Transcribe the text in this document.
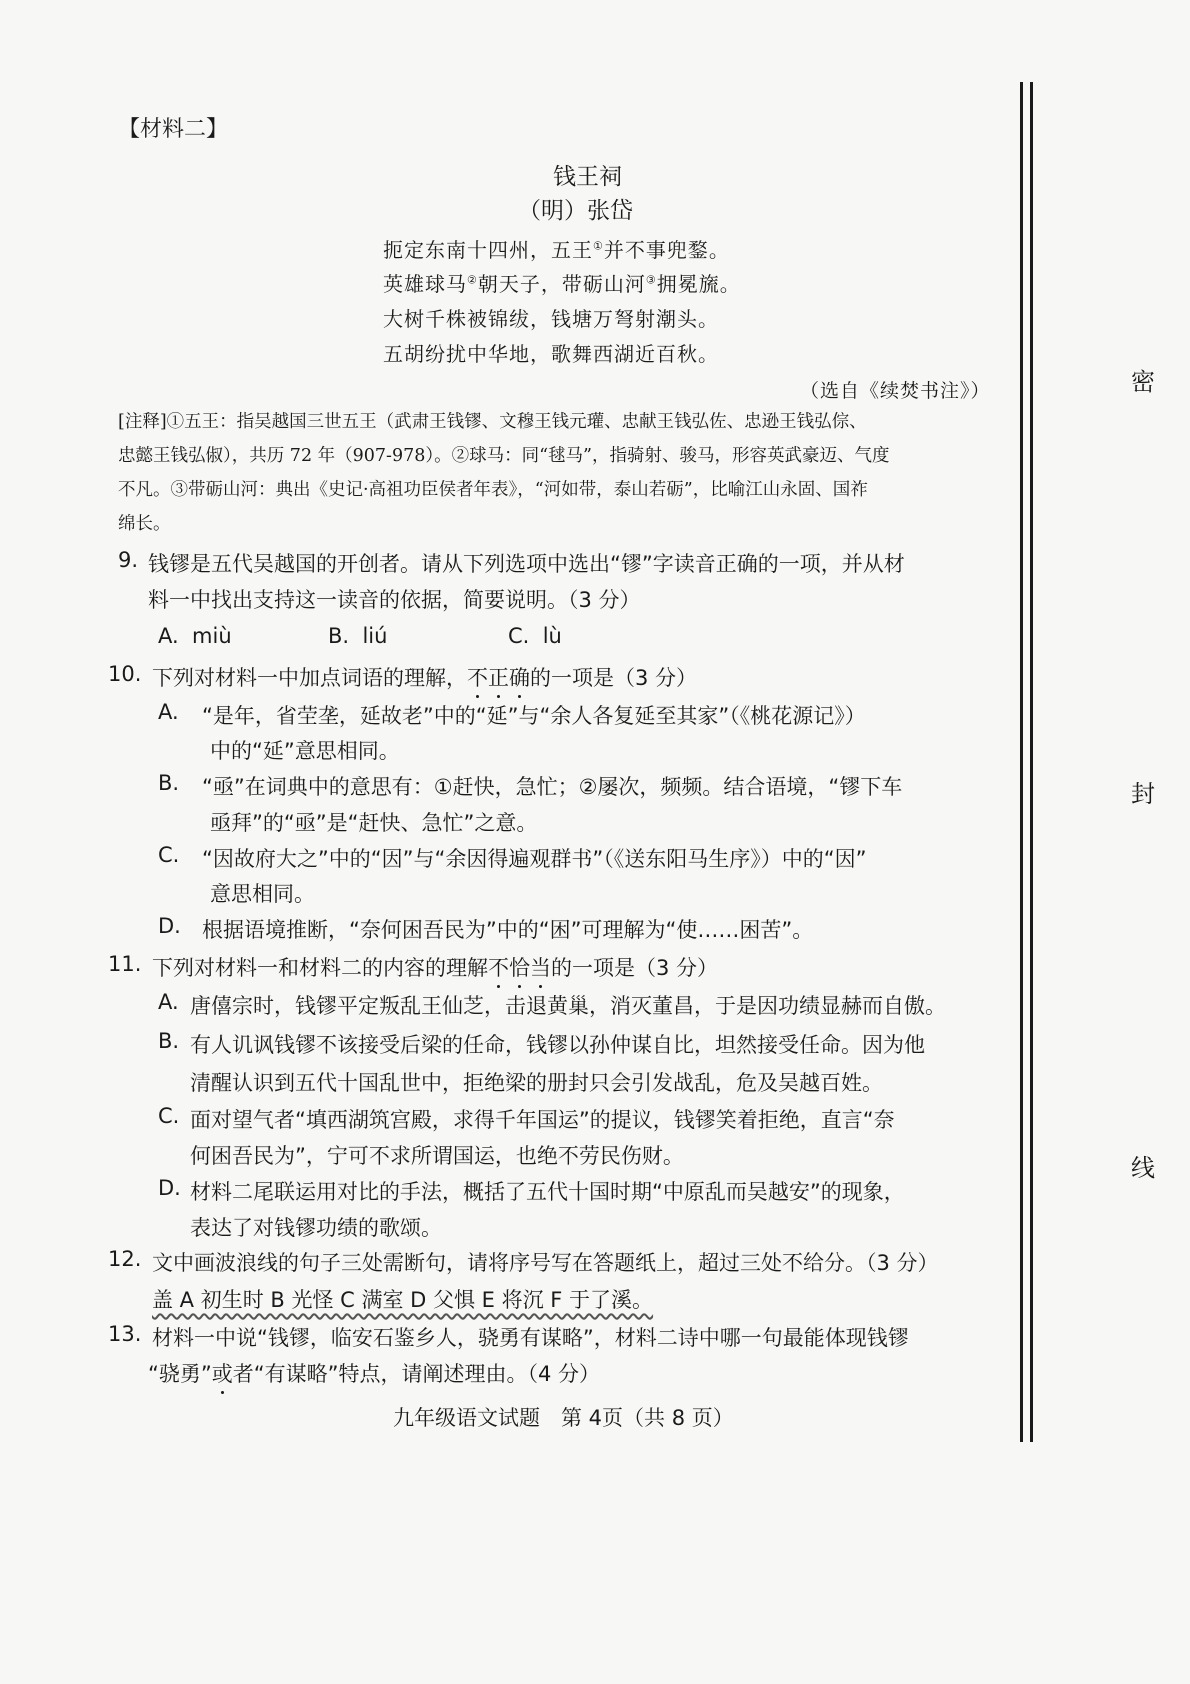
【材料二】
钱王祠
（明）张岱
扼定东南十四州，五王①并不事兜鍪。
英雄球马②朝天子，带砺山河③拥冕旒。
大树千株被锦绂，钱塘万弩射潮头。
五胡纷扰中华地，歌舞西湖近百秋。
（选自《续焚书注》）
[注释]①五王：指吴越国三世五王（武肃王钱镠、文穆王钱元瓘、忠献王钱弘佐、忠逊王钱弘倧、
忠懿王钱弘俶），共历 72 年（907-978）。②球马：同“毬马”，指骑射、骏马，形容英武豪迈、气度
不凡。③带砺山河：典出《史记·高祖功臣侯者年表》，“河如带，泰山若砺”，比喻江山永固、国祚
绵长。
9. 钱镠是五代吴越国的开创者。请从下列选项中选出“镠”字读音正确的一项，并从材
料一中找出支持这一读音的依据，简要说明。（3 分）
A. miù	B. liú	C. lù
10. 下列对材料一中加点词语的理解，不正确的一项是（3 分）
A. “是年，省茔垄，延故老”中的“延”与“余人各复延至其家”（《桃花源记》）
中的“延”意思相同。
B. “亟”在词典中的意思有：①赶快，急忙；②屡次，频频。结合语境，“镠下车
亟拜”的“亟”是“赶快、急忙”之意。
C. “因故府大之”中的“因”与“余因得遍观群书”（《送东阳马生序》）中的“因”
意思相同。
D. 根据语境推断，“奈何困吾民为”中的“困”可理解为“使……困苦”。
11. 下列对材料一和材料二的内容的理解不恰当的一项是（3 分）
A. 唐僖宗时，钱镠平定叛乱王仙芝，击退黄巢，消灭董昌，于是因功绩显赫而自傲。
B. 有人讥讽钱镠不该接受后梁的任命，钱镠以孙仲谋自比，坦然接受任命。因为他
清醒认识到五代十国乱世中，拒绝梁的册封只会引发战乱，危及吴越百姓。
C. 面对望气者“填西湖筑宫殿，求得千年国运”的提议，钱镠笑着拒绝，直言“奈
何困吾民为”，宁可不求所谓国运，也绝不劳民伤财。
D. 材料二尾联运用对比的手法，概括了五代十国时期“中原乱而吴越安”的现象，
表达了对钱镠功绩的歌颂。
12. 文中画波浪线的句子三处需断句，请将序号写在答题纸上，超过三处不给分。（3 分）
盖 A 初生时 B 光怪 C 满室 D 父惧 E 将沉 F 于了溪。
13. 材料一中说“钱镠，临安石鉴乡人，骁勇有谋略”，材料二诗中哪一句最能体现钱镠
“骁勇”或者“有谋略”特点，请阐述理由。（4 分）
九年级语文试题　第 4页（共 8 页）
密
封
线
